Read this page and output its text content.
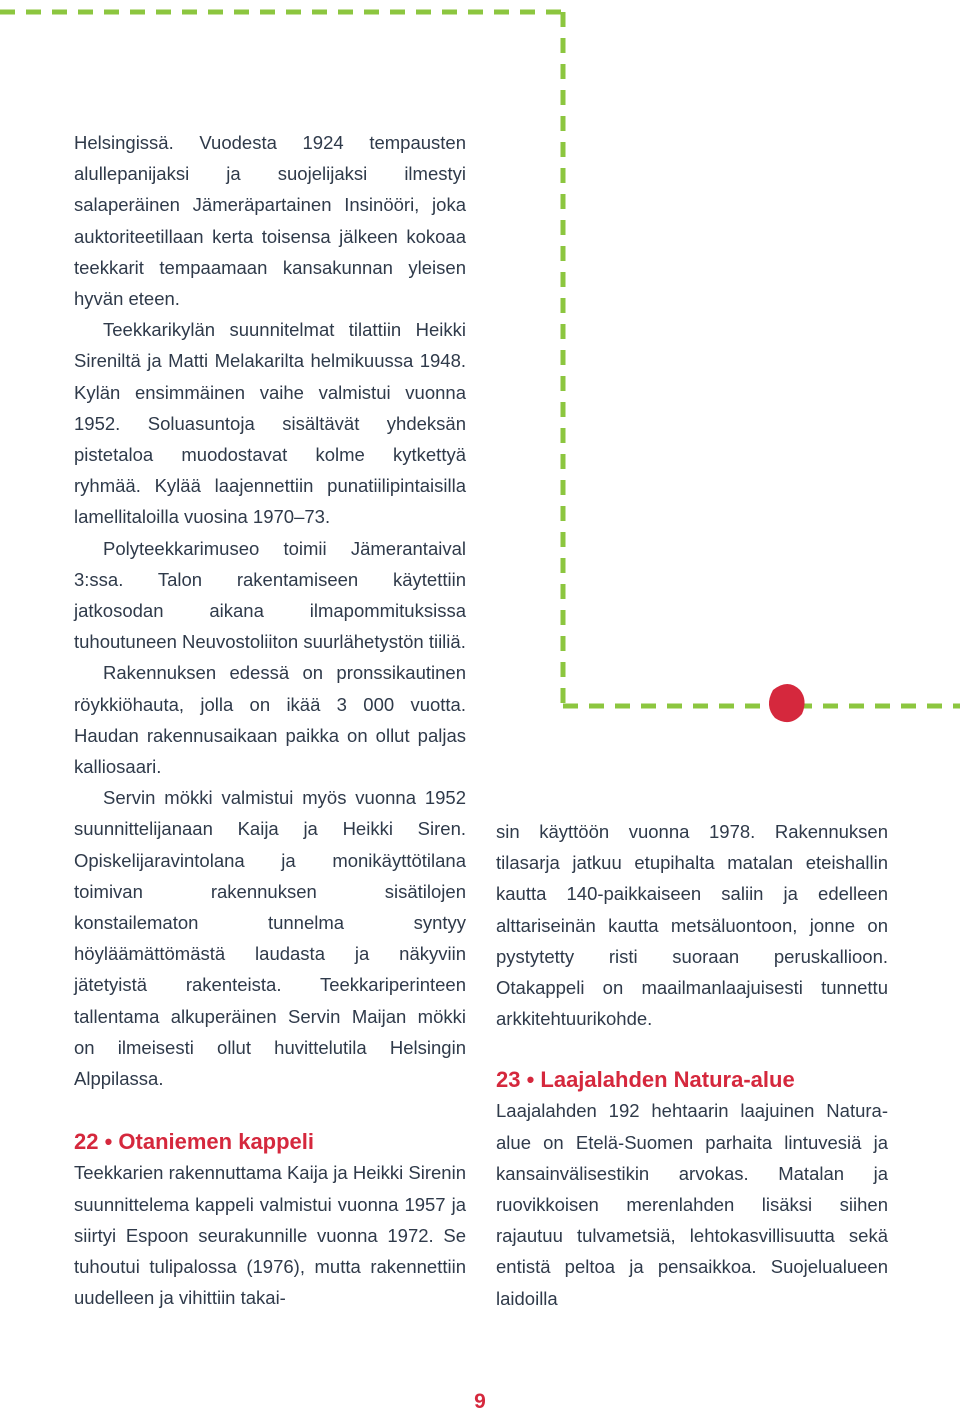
Helsingissä. Vuodesta 1924 tempausten alullepanijaksi ja suojelijaksi ilmestyi salaperäinen Jämeräpartainen Insinööri, joka auktoriteetillaan kerta toisensa jälkeen kokoaa teekkarit tempaamaan kansakunnan yleisen hyvän eteen.

Teekkarikylän suunnitelmat tilattiin Heikki Sireniltä ja Matti Melakarilta helmikuussa 1948. Kylän ensimmäinen vaihe valmistui vuonna 1952. Soluasuntoja sisältävät yhdeksän pistetaloa muodostavat kolme kytkettyä ryhmää. Kylää laajennettiin punatiilipintaisilla lamellitaloilla vuosina 1970–73.

Polyteekkarimuseo toimii Jämerantaival 3:ssa. Talon rakentamiseen käytettiin jatkosodan aikana ilmapommituksissa tuhoutuneen Neuvostoliiton suurlähetystön tiiliä.

Rakennuksen edessä on pronssikautinen röykkiöhauta, jolla on ikää 3 000 vuotta. Haudan rakennusaikaan paikka on ollut paljas kalliosaari.

Servin mökki valmistui myös vuonna 1952 suunnittelijanaan Kaija ja Heikki Siren. Opiskelijaravintolana ja monikäyttötilana toimivan rakennuksen sisätilojen konstailematon tunnelma syntyy höyläämättömästä laudasta ja näkyviin jätetyistä rakenteista. Teekkariperinteen tallentama alkuperäinen Servin Maijan mökki on ilmeisesti ollut huvittelutila Helsingin Alppilassa.

22 • Otaniemen kappeli

Teekkarien rakennuttama Kaija ja Heikki Sirenin suunnittelema kappeli valmistui vuonna 1957 ja siirtyi Espoon seurakunnille vuonna 1972. Se tuhoutui tulipalossa (1976), mutta rakennettiin uudelleen ja vihittiin takai-

sin käyttöön vuonna 1978. Rakennuksen tilasarja jatkuu etupihalta matalan eteishallin kautta 140-paikkaiseen saliin ja edelleen alttariseinän kautta metsäluontoon, jonne on pystytetty risti suoraan peruskallioon. Otakappeli on maailmanlaajuisesti tunnettu arkkitehtuurikohde.

23 • Laajalahden Natura-alue

Laajalahden 192 hehtaarin laajuinen Natura-alue on Etelä-Suomen parhaita lintuvesiä ja kansainvälisestikin arvokas. Matalan ja ruovikkoisen merenlahden lisäksi siihen rajautuu tulvametsiä, lehtokasvillisuutta sekä entistä peltoa ja pensaikkoa. Suojelualueen laidoilla

9
